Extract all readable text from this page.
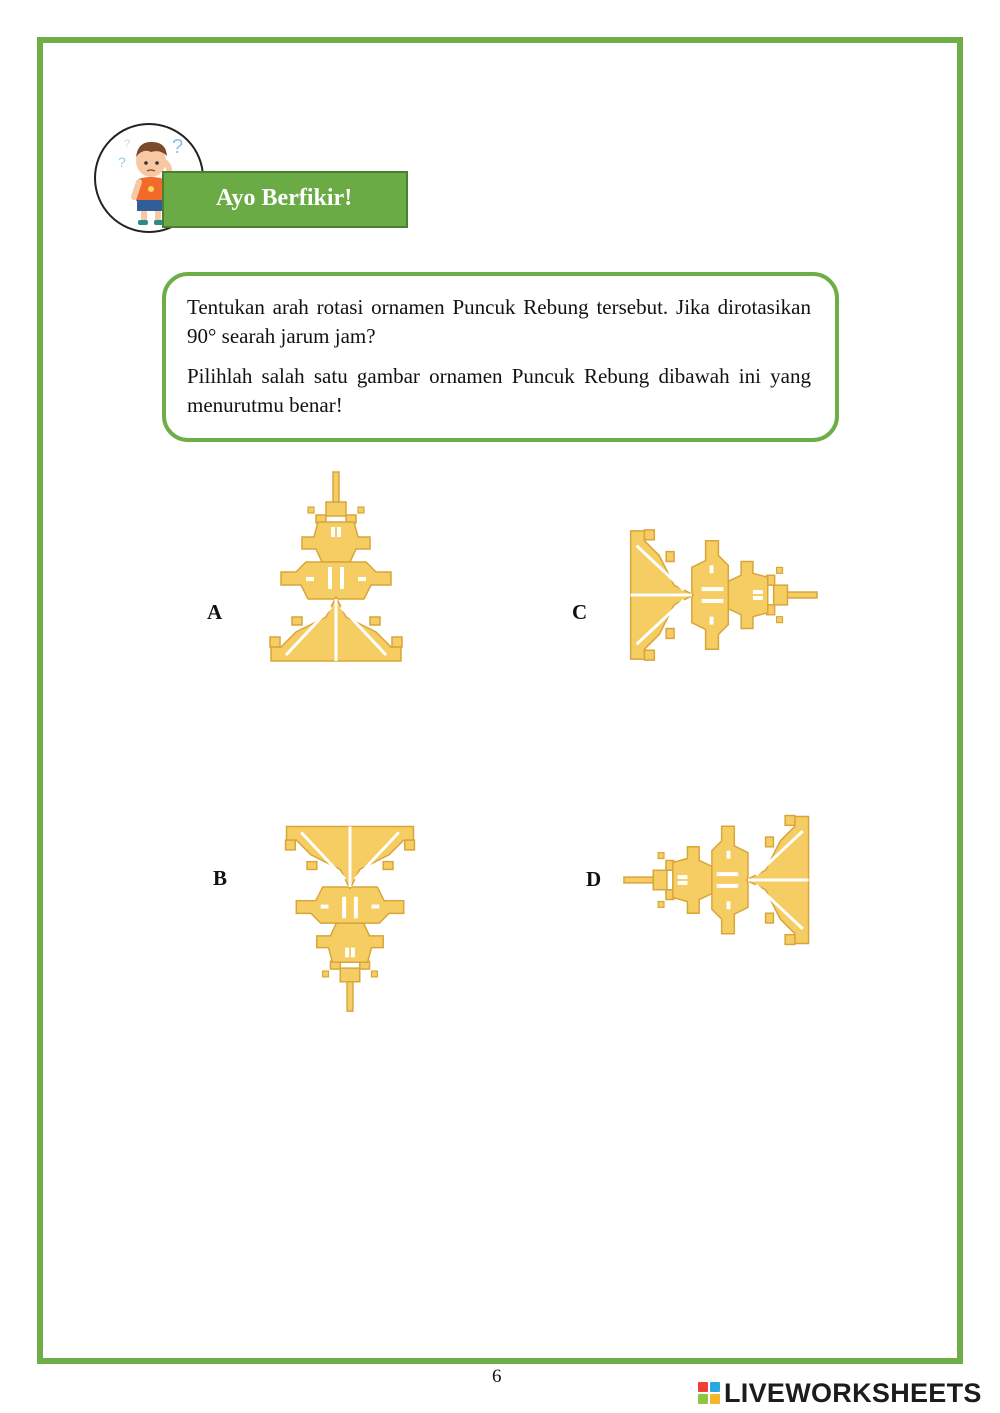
?
? ?
Ayo Berfikir!

Tentukan arah rotasi ornamen Puncuk Rebung tersebut. Jika dirotasikan 90° searah jarum jam?

Pilihlah salah satu gambar ornamen Puncuk Rebung dibawah ini yang menurutmu benar!

A
B
C
D
6
LIVEWORKSHEETS
